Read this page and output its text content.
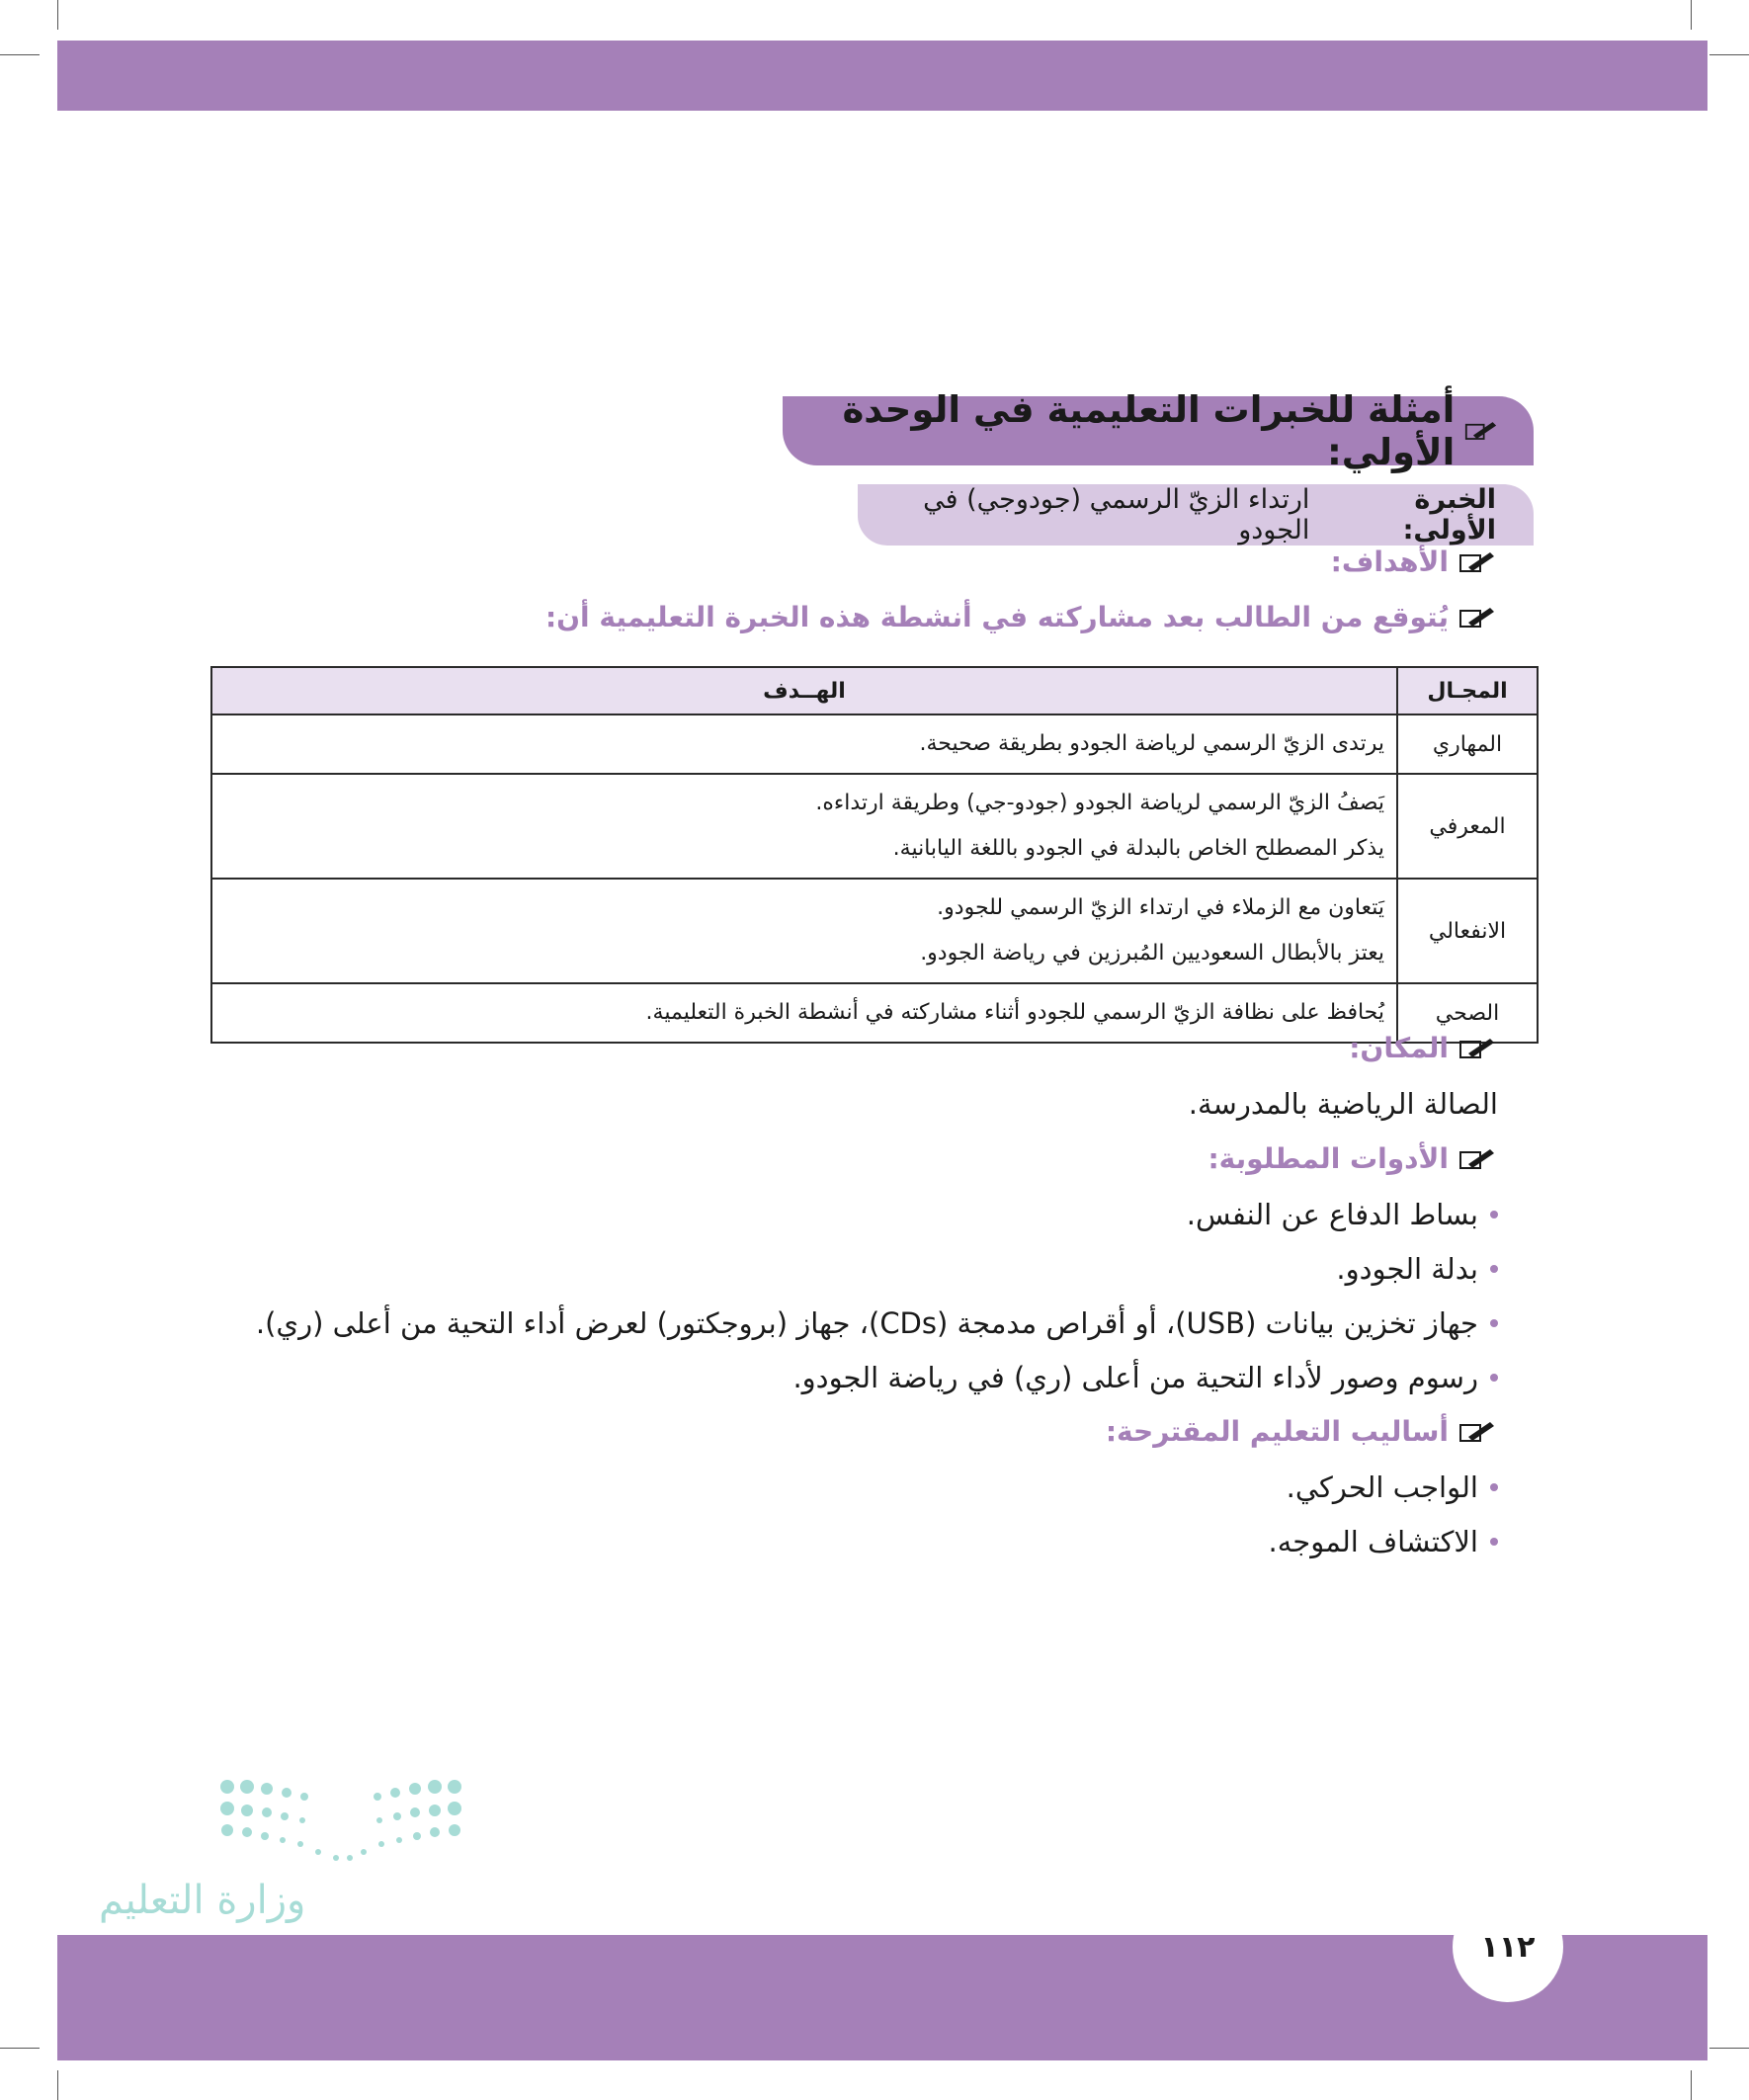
أمثلة للخبرات التعليمية في الوحدة الأولي:
الخبرة الأولى:
ارتداء الزيّ الرسمي (جودوجي) في الجودو
الأهداف:
يُتوقع من الطالب بعد مشاركته في أنشطة هذه الخبرة التعليمية أن:
المجـال	الهــدف
المهاري	يرتدى الزيّ الرسمي لرياضة الجودو بطريقة صحيحة.

المعرفي	يَصفُ الزيّ الرسمي لرياضة الجودو (جودو-جي) وطريقة ارتداءه.
يذكر المصطلح الخاص بالبدلة في الجودو باللغة اليابانية.

الانفعالي	يَتعاون مع الزملاء في ارتداء الزيّ الرسمي للجودو.
يعتز بالأبطال السعوديين المُبرزين في رياضة الجودو.

الصحي	يُحافظ على نظافة الزيّ الرسمي للجودو أثناء مشاركته في أنشطة الخبرة التعليمية.
المكان:
الصالة الرياضية بالمدرسة.
الأدوات المطلوبة:
بساط الدفاع عن النفس.
بدلة الجودو.
جهاز تخزين بيانات (USB)، أو أقراص مدمجة (CDs)، جهاز (بروجكتور) لعرض أداء التحية من أعلى (ري).
رسوم وصور لأداء التحية من أعلى (ري) في رياضة الجودو.
أساليب التعليم المقترحة:
الواجب الحركي.
الاكتشاف الموجه.
وزارة التعليم
١١٢
